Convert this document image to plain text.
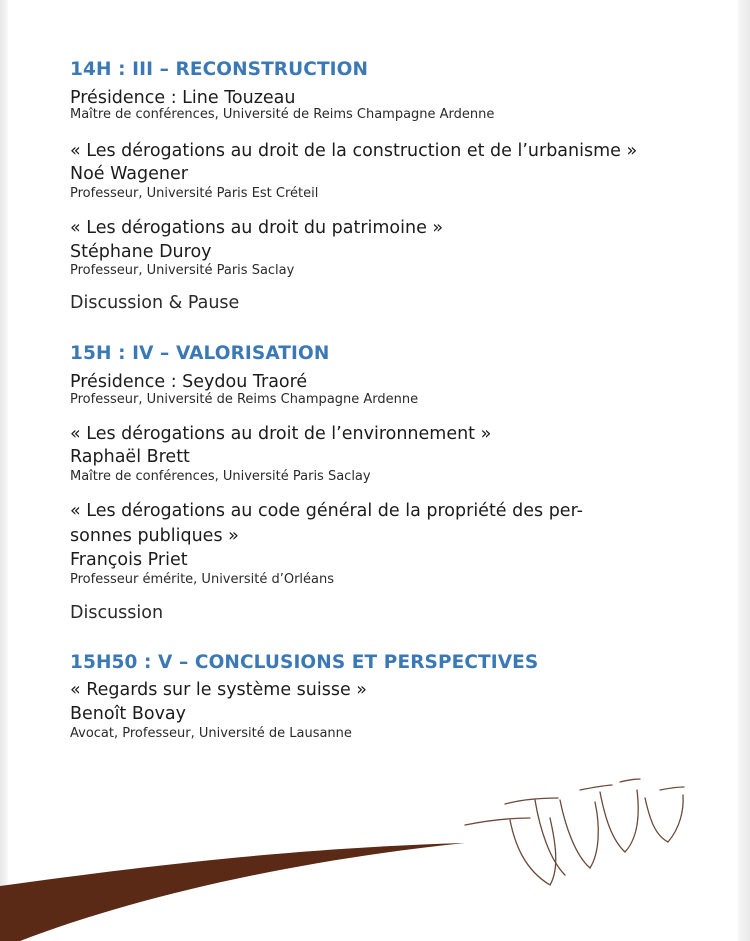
14H : III – RECONSTRUCTION
Présidence : Line Touzeau
Maître de conférences, Université de Reims Champagne Ardenne
« Les dérogations au droit de la construction et de l’urbanisme »
Noé Wagener
Professeur, Université Paris Est Créteil
« Les dérogations au droit du patrimoine »
Stéphane Duroy
Professeur, Université Paris Saclay
Discussion & Pause
15H : IV – VALORISATION
Présidence : Seydou Traoré
Professeur, Université de Reims Champagne Ardenne
« Les dérogations au droit de l’environnement »
Raphaël Brett
Maître de conférences, Université Paris Saclay
« Les dérogations au code général de la propriété des per-
sonnes publiques »
François Priet
Professeur émérite, Université d’Orléans
Discussion
15H50 : V – CONCLUSIONS ET PERSPECTIVES
« Regards sur le système suisse »
Benoît Bovay
Avocat, Professeur, Université de Lausanne
